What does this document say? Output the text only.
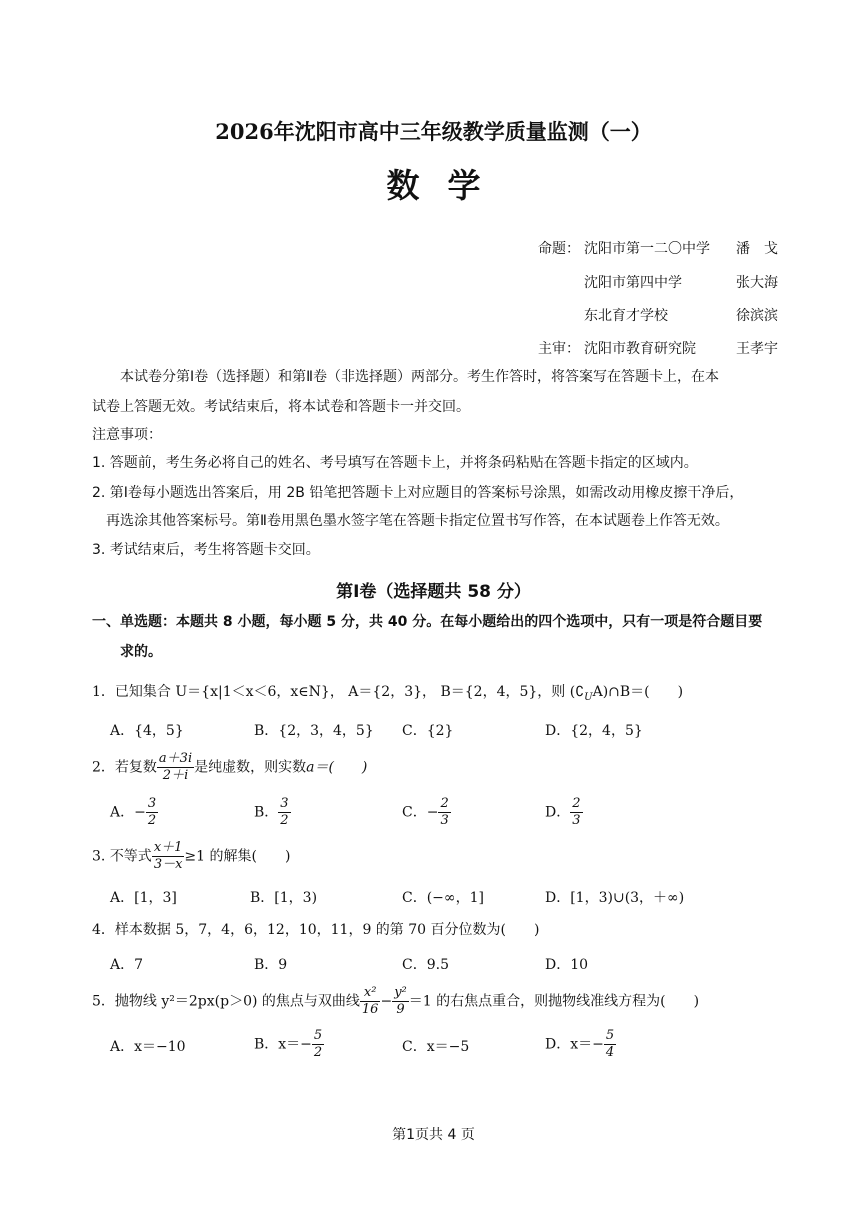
2026年沈阳市高中三年级教学质量监测（一）
数学
命题： 沈阳市第一二〇中学 潘　戈
沈阳市第四中学	张大海
东北育才学校	徐滨滨
主审： 沈阳市教育研究院	王孝宇
本试卷分第Ⅰ卷（选择题）和第Ⅱ卷（非选择题）两部分。考生作答时，将答案写在答题卡上，在本
试卷上答题无效。考试结束后，将本试卷和答题卡一并交回。
注意事项：
1. 答题前，考生务必将自己的姓名、考号填写在答题卡上，并将条码粘贴在答题卡指定的区域内。
2. 第Ⅰ卷每小题选出答案后，用 2B 铅笔把答题卡上对应题目的答案标号涂黑，如需改动用橡皮擦干净后，
再选涂其他答案标号。第Ⅱ卷用黑色墨水签字笔在答题卡指定位置书写作答，在本试题卷上作答无效。
3. 考试结束后，考生将答题卡交回。
第Ⅰ卷（选择题共 58 分）
一、单选题：本题共 8 小题，每小题 5 分，共 40 分。在每小题给出的四个选项中，只有一项是符合题目要
求的。
1．已知集合 U＝{x|1＜x＜6，x∈N}， A＝{2，3}， B＝{2，4，5}，则 $(∁_UA)\cap B=$(　　)
A．{4，5}	B．{2，3，4，5} C．{2}	D．{2，4，5}
2．若复数 $\frac{a+3i}{2+i}$ 是纯虚数，则实数a＝(　　)
A．− $\frac{3}{2}$	B． $\frac{3}{2}$	C．− $\frac{2}{3}$	D． $\frac{2}{3}$
3. 不等式 $\frac{x+1}{3-x} \ge 1$ 的解集(　　)
A．[1，3]	B．[1，3)	C．(−∞，1]	D．[1，3)∪(3，＋∞)
4．样本数据 5，7，4，6，12，10，11，9 的第 70 百分位数为(　　)
A．7	B．9	C．9.5	D．10
5．抛物线 y²＝2px(p＞0) 的焦点与双曲线 $\frac{\text{x²}}{16} - \frac{\text{y²}}{9} =1$ 的右焦点重合，则抛物线准线方程为(　　)
A．x＝−10	B．$x=- \frac{5}{2}$	C．x＝−5	D．$x=- \frac{5}{4}$
第1页共 4 页
